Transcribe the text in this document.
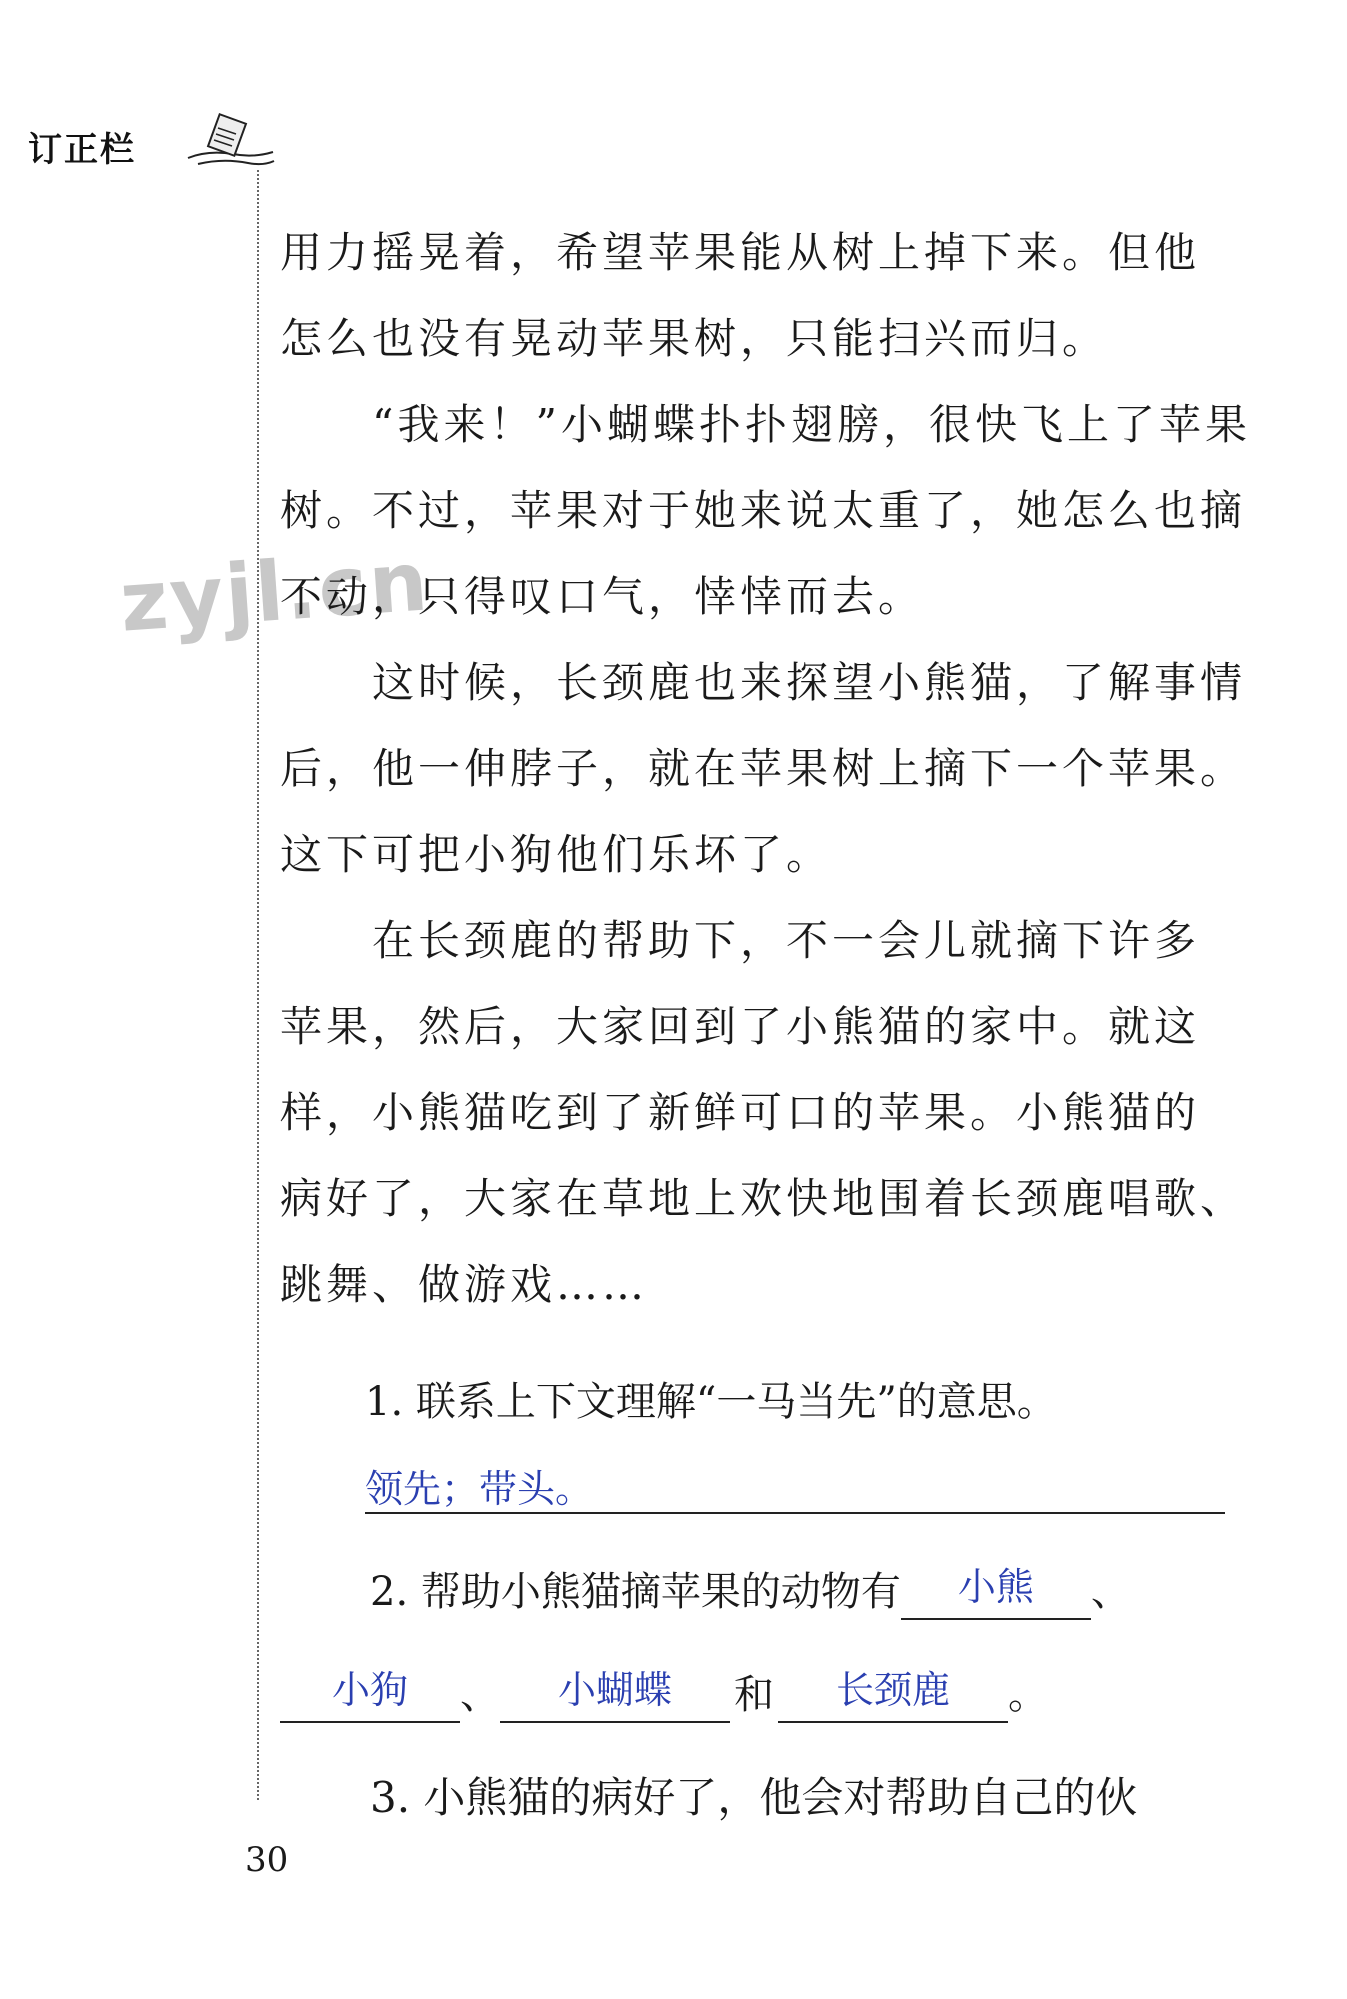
订正栏
zyjl.cn
用力摇晃着，希望苹果能从树上掉下来。但他
怎么也没有晃动苹果树，只能扫兴而归。
“我来！”小蝴蝶扑扑翅膀，很快飞上了苹果
树。不过，苹果对于她来说太重了，她怎么也摘
不动，只得叹口气，悻悻而去。
这时候，长颈鹿也来探望小熊猫，了解事情
后，他一伸脖子，就在苹果树上摘下一个苹果。
这下可把小狗他们乐坏了。
在长颈鹿的帮助下，不一会儿就摘下许多
苹果，然后，大家回到了小熊猫的家中。就这
样，小熊猫吃到了新鲜可口的苹果。小熊猫的
病好了，大家在草地上欢快地围着长颈鹿唱歌、
跳舞、做游戏……
1. 联系上下文理解“一马当先”的意思。
领先；带头。
2. 帮助小熊猫摘苹果的动物有 小熊 、
小狗 、 小蝴蝶 和 长颈鹿 。
3. 小熊猫的病好了，他会对帮助自己的伙
30
